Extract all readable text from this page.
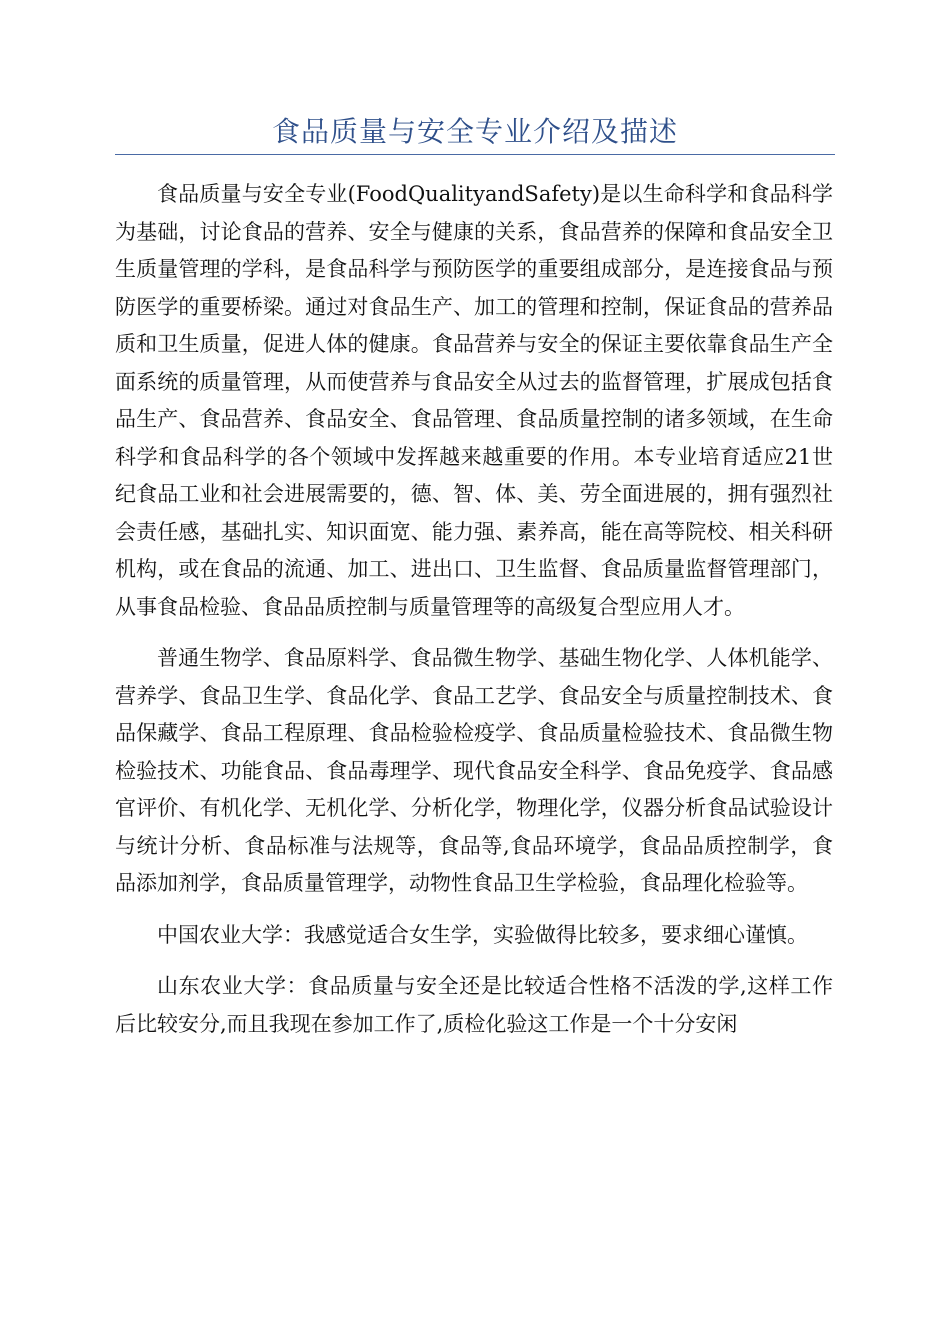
食品质量与安全专业介绍及描述

食品质量与安全专业(FoodQualityandSafety)是以生命科学和食品科学为基础，讨论食品的营养、安全与健康的关系，食品营养的保障和食品安全卫生质量管理的学科，是食品科学与预防医学的重要组成部分，是连接食品与预防医学的重要桥梁。通过对食品生产、加工的管理和控制，保证食品的营养品质和卫生质量，促进人体的健康。食品营养与安全的保证主要依靠食品生产全面系统的质量管理，从而使营养与食品安全从过去的监督管理，扩展成包括食品生产、食品营养、食品安全、食品管理、食品质量控制的诸多领域，在生命科学和食品科学的各个领域中发挥越来越重要的作用。本专业培育适应21世纪食品工业和社会进展需要的，德、智、体、美、劳全面进展的，拥有强烈社会责任感，基础扎实、知识面宽、能力强、素养高，能在高等院校、相关科研机构，或在食品的流通、加工、进出口、卫生监督、食品质量监督管理部门，从事食品检验、食品品质控制与质量管理等的高级复合型应用人才。

普通生物学、食品原料学、食品微生物学、基础生物化学、人体机能学、营养学、食品卫生学、食品化学、食品工艺学、食品安全与质量控制技术、食品保藏学、食品工程原理、食品检验检疫学、食品质量检验技术、食品微生物检验技术、功能食品、食品毒理学、现代食品安全科学、食品免疫学、食品感官评价、有机化学、无机化学、分析化学，物理化学，仪器分析食品试验设计与统计分析、食品标准与法规等，食品等,食品环境学，食品品质控制学，食品添加剂学，食品质量管理学，动物性食品卫生学检验，食品理化检验等。

中国农业大学：我感觉适合女生学，实验做得比较多，要求细心谨慎。

山东农业大学：食品质量与安全还是比较适合性格不活泼的学,这样工作后比较安分,而且我现在参加工作了,质检化验这工作是一个十分安闲
